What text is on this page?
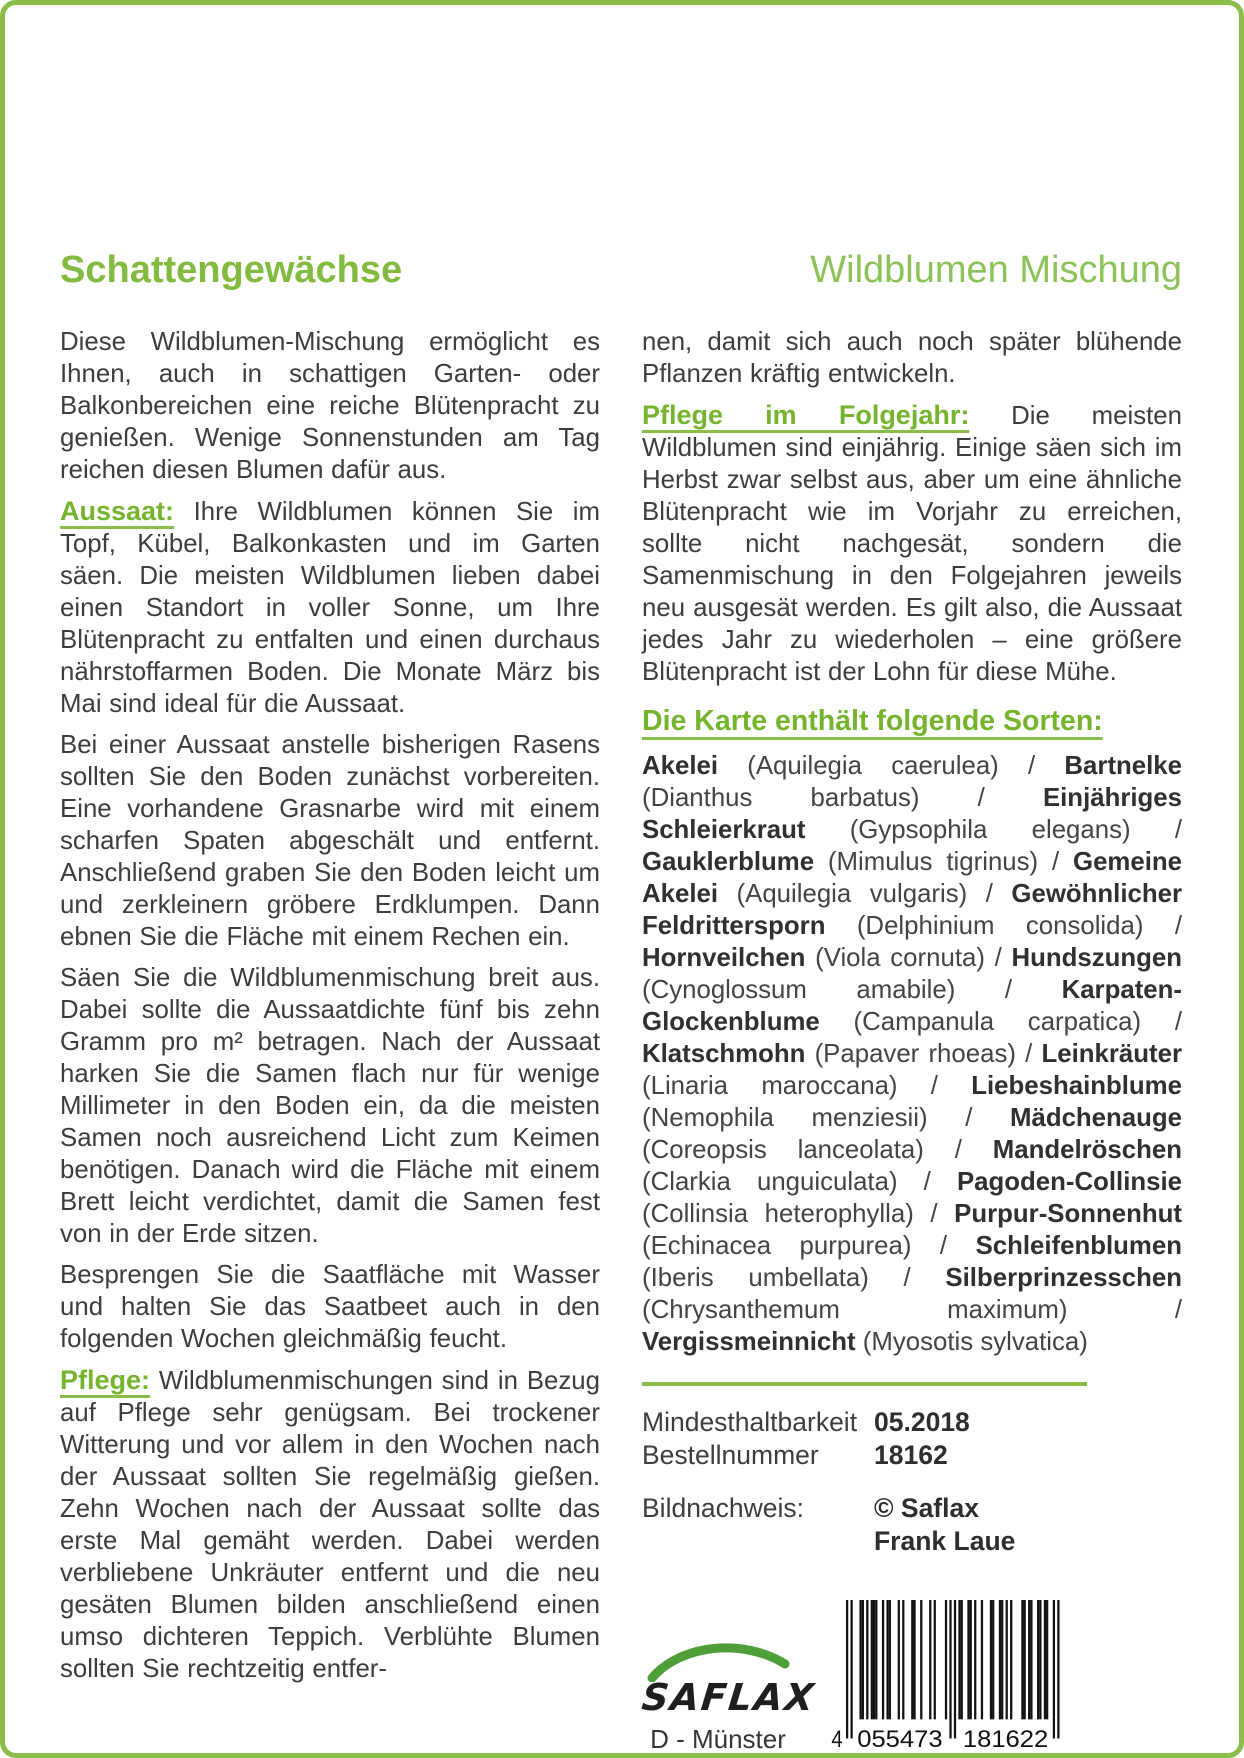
Schattengewächse	Wildblumen Mischung

Diese Wildblumen-Mischung ermöglicht es Ihnen, auch in schattigen Garten- oder Balkonbereichen eine reiche Blütenpracht zu genießen. Wenige Sonnenstunden am Tag reichen diesen Blumen dafür aus.

Aussaat: Ihre Wildblumen können Sie im Topf, Kübel, Balkonkasten und im Garten säen. Die meisten Wildblumen lieben dabei einen Standort in voller Sonne, um Ihre Blütenpracht zu entfalten und einen durchaus nährstoffarmen Boden. Die Monate März bis Mai sind ideal für die Aussaat.

Bei einer Aussaat anstelle bisherigen Rasens sollten Sie den Boden zunächst vorbereiten. Eine vorhandene Grasnarbe wird mit einem scharfen Spaten abgeschält und entfernt. Anschließend graben Sie den Boden leicht um und zerkleinern gröbere Erdklumpen. Dann ebnen Sie die Fläche mit einem Rechen ein.

Säen Sie die Wildblumenmischung breit aus. Dabei sollte die Aussaatdichte fünf bis zehn Gramm pro m² betragen. Nach der Aussaat harken Sie die Samen flach nur für wenige Millimeter in den Boden ein, da die meisten Samen noch ausreichend Licht zum Keimen benötigen. Danach wird die Fläche mit einem Brett leicht verdichtet, damit die Samen fest von in der Erde sitzen.

Besprengen Sie die Saatfläche mit Wasser und halten Sie das Saatbeet auch in den folgenden Wochen gleichmäßig feucht.

Pflege: Wildblumenmischungen sind in Bezug auf Pflege sehr genügsam. Bei trockener Witterung und vor allem in den Wochen nach der Aussaat sollten Sie regelmäßig gießen. Zehn Wochen nach der Aussaat sollte das erste Mal gemäht werden. Dabei werden verbliebene Unkräuter entfernt und die neu gesäten Blumen bilden anschließend einen umso dichteren Teppich. Verblühte Blumen sollten Sie rechtzeitig entfer-

nen, damit sich auch noch später blühende Pflanzen kräftig entwickeln.

Pflege im Folgejahr: Die meisten Wildblumen sind einjährig. Einige säen sich im Herbst zwar selbst aus, aber um eine ähnliche Blütenpracht wie im Vorjahr zu erreichen, sollte nicht nachgesät, sondern die Samenmischung in den Folgejahren jeweils neu ausgesät werden. Es gilt also, die Aussaat jedes Jahr zu wiederholen – eine größere Blütenpracht ist der Lohn für diese Mühe.

Die Karte enthält folgende Sorten:

Akelei (Aquilegia caerulea) / Bartnelke (Dianthus barbatus) / Einjähriges Schleierkraut (Gypsophila elegans) / Gauklerblume (Mimulus tigrinus) / Gemeine Akelei (Aquilegia vulgaris) / Gewöhnlicher Feldrittersporn (Delphinium consolida) / Hornveilchen (Viola cornuta) / Hundszungen (Cynoglossum amabile) / Karpaten-Glockenblume (Campanula carpatica) / Klatschmohn (Papaver rhoeas) / Leinkräuter (Linaria maroccana) / Liebeshainblume (Nemophila menziesii) / Mädchenauge (Coreopsis lanceolata) / Mandelröschen (Clarkia unguiculata) / Pagoden-Collinsie (Collinsia heterophylla) / Purpur-Sonnenhut (Echinacea purpurea) / Schleifenblumen (Iberis umbellata) / Silberprinzesschen (Chrysanthemum maximum) / Vergissmeinnicht (Myosotis sylvatica)

Mindesthaltbarkeit 05.2018
Bestellnummer	18162
Bildnachweis:	© Saflax
Frank Laue
SAFLAX
D - Münster	4 055473 181622
